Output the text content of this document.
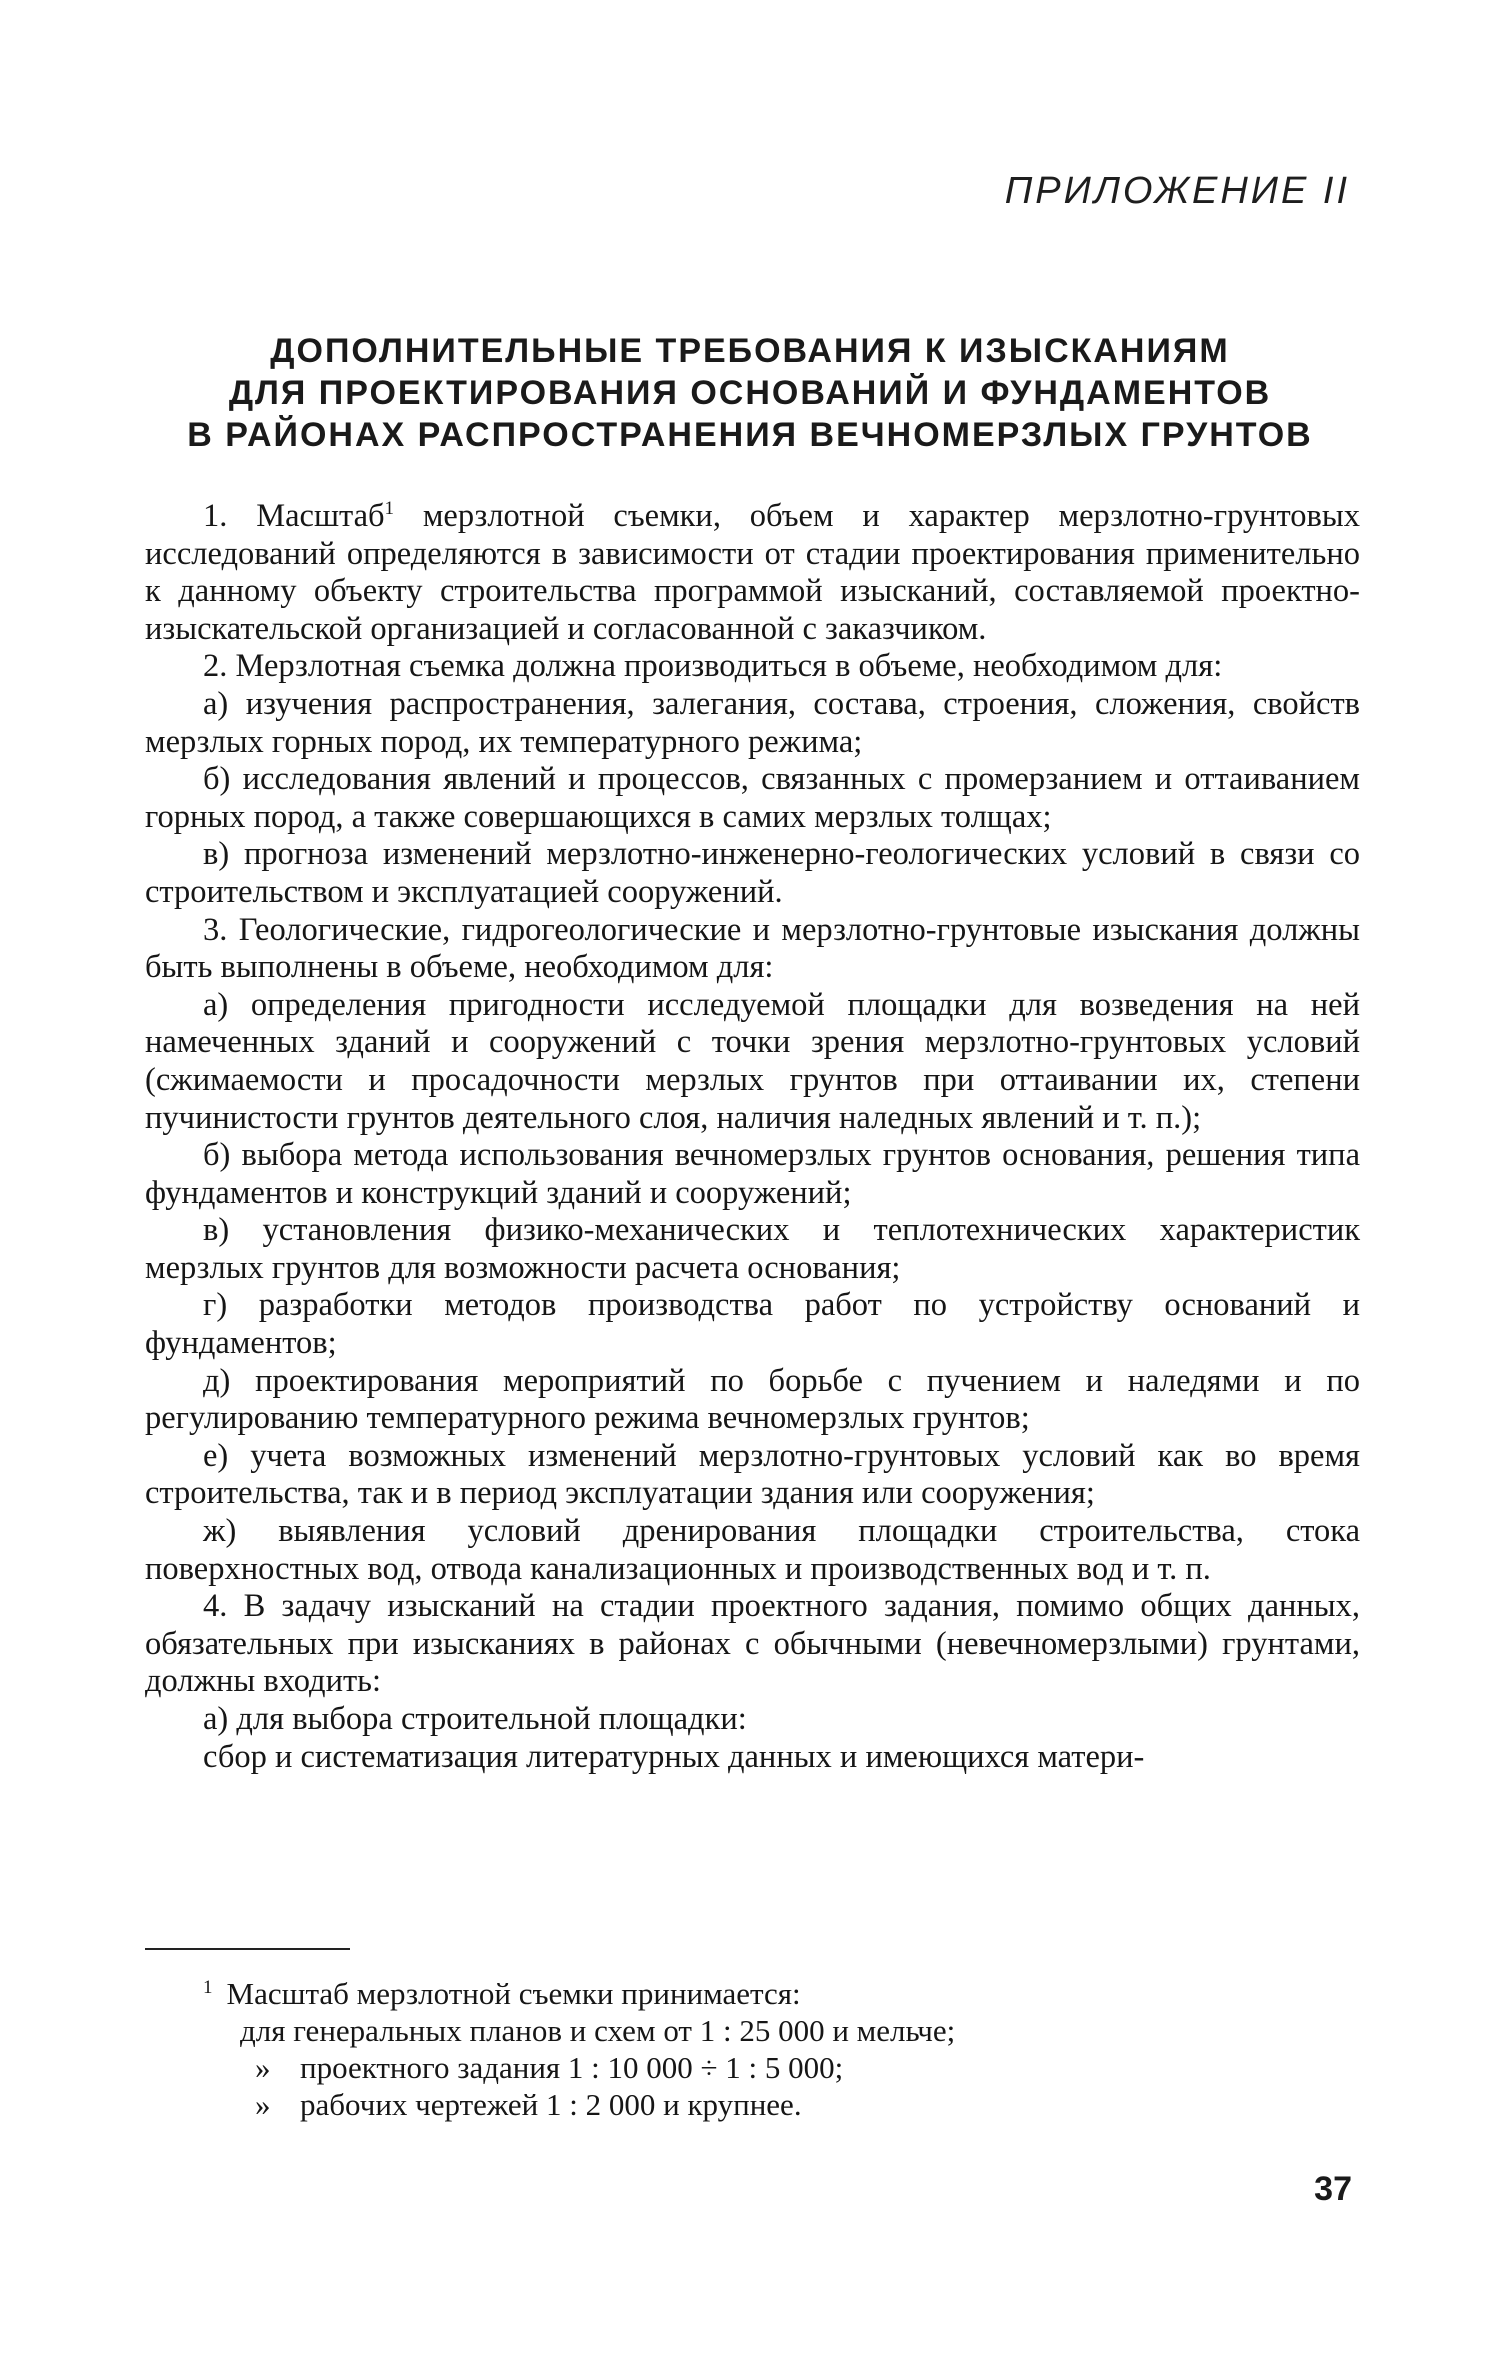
ПРИЛОЖЕНИЕ II
ДОПОЛНИТЕЛЬНЫЕ ТРЕБОВАНИЯ К ИЗЫСКАНИЯМ
ДЛЯ ПРОЕКТИРОВАНИЯ ОСНОВАНИЙ И ФУНДАМЕНТОВ
В РАЙОНАХ РАСПРОСТРАНЕНИЯ ВЕЧНОМЕРЗЛЫХ ГРУНТОВ

1. Масштаб$^1$ мерзлотной съемки, объем и характер мерзлотно-грунтовых исследований определяются в зависимости от стадии проектирования применительно к данному объекту строительства программой изысканий, составляемой проектно-изыскательской организацией и согласованной с заказчиком.

2. Мерзлотная съемка должна производиться в объеме, необходимом для:

а) изучения распространения, залегания, состава, строения, сложения, свойств мерзлых горных пород, их температурного режима;

б) исследования явлений и процессов, связанных с промерзанием и оттаиванием горных пород, а также совершающихся в самих мерзлых толщах;

в) прогноза изменений мерзлотно-инженерно-геологических условий в связи со строительством и эксплуатацией сооружений.

3. Геологические, гидрогеологические и мерзлотно-грунтовые изыскания должны быть выполнены в объеме, необходимом для:

а) определения пригодности исследуемой площадки для возведения на ней намеченных зданий и сооружений с точки зрения мерзлотно-грунтовых условий (сжимаемости и просадочности мерзлых грунтов при оттаивании их, степени пучинистости грунтов деятельного слоя, наличия наледных явлений и т. п.);

б) выбора метода использования вечномерзлых грунтов основания, решения типа фундаментов и конструкций зданий и сооружений;

в) установления физико-механических и теплотехнических характеристик мерзлых грунтов для возможности расчета основания;

г) разработки методов производства работ по устройству оснований и фундаментов;

д) проектирования мероприятий по борьбе с пучением и наледями и по регулированию температурного режима вечномерзлых грунтов;

е) учета возможных изменений мерзлотно-грунтовых условий как во время строительства, так и в период эксплуатации здания или сооружения;

ж) выявления условий дренирования площадки строительства, стока поверхностных вод, отвода канализационных и производственных вод и т. п.

4. В задачу изысканий на стадии проектного задания, помимо общих данных, обязательных при изысканиях в районах с обычными (невечномерзлыми) грунтами, должны входить:

а) для выбора строительной площадки:

сбор и систематизация литературных данных и имеющихся матери-

$^1$ Масштаб мерзлотной съемки принимается:
для генеральных планов и схем от 1 : 25 000 и мельче;
» проектного задания 1 : 10 000 ÷ 1 : 5 000;
» рабочих чертежей 1 : 2 000 и крупнее.
37
